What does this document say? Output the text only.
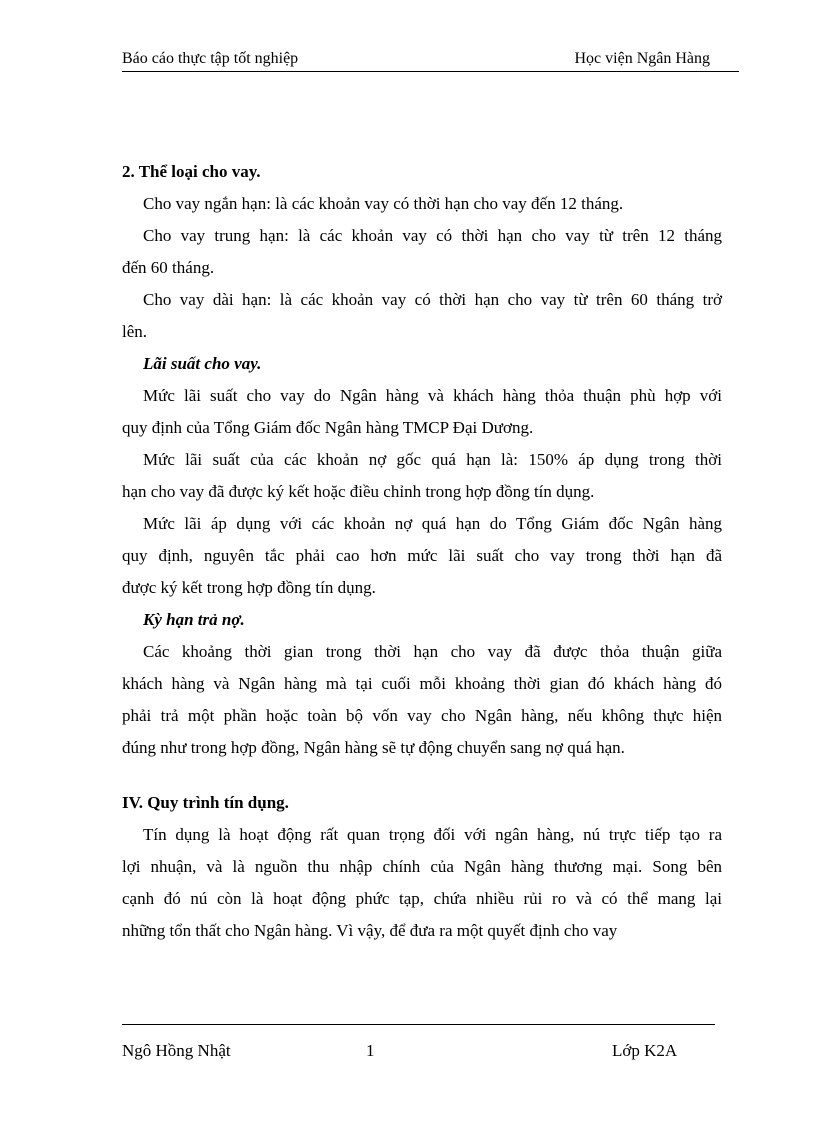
Báo cáo thực tập tốt nghiệp	Học viện Ngân Hàng
2. Thể loại cho vay.
Cho vay ngắn hạn: là các khoản vay có thời hạn cho vay đến 12 tháng.
Cho vay trung hạn: là các khoản vay có thời hạn cho vay từ trên 12 tháng
đến 60 tháng.
Cho vay dài hạn: là các khoản vay có thời hạn cho vay từ trên 60 tháng trở
lên.
Lãi suất cho vay.
Mức lãi suất cho vay do Ngân hàng và khách hàng thỏa thuận phù hợp với
quy định của Tổng Giám đốc Ngân hàng TMCP Đại Dương.
Mức lãi suất của các khoản nợ gốc quá hạn là: 150% áp dụng trong thời
hạn cho vay đã được ký kết hoặc điều chỉnh trong hợp đồng tín dụng.
Mức lãi áp dụng với các khoản nợ quá hạn do Tổng Giám đốc Ngân hàng
quy định, nguyên tắc phải cao hơn mức lãi suất cho vay trong thời hạn đã
được ký kết trong hợp đồng tín dụng.
Kỳ hạn trả nợ.
Các khoảng thời gian trong thời hạn cho vay đã được thỏa thuận giữa
khách hàng và Ngân hàng mà tại cuối mỗi khoảng thời gian đó khách hàng đó
phải trả một phần hoặc toàn bộ vốn vay cho Ngân hàng, nếu không thực hiện
đúng như trong hợp đồng, Ngân hàng sẽ tự động chuyển sang nợ quá hạn.
IV. Quy trình tín dụng.
Tín dụng là hoạt động rất quan trọng đối với ngân hàng, nú trực tiếp tạo ra
lợi nhuận, và là nguồn thu nhập chính của Ngân hàng thương mại. Song bên
cạnh đó nú còn là hoạt động phức tạp, chứa nhiều rủi ro và có thể mang lại
những tổn thất cho Ngân hàng. Vì vậy, để đưa ra một quyết định cho vay
Ngô Hồng Nhật	1	Lớp K2A
